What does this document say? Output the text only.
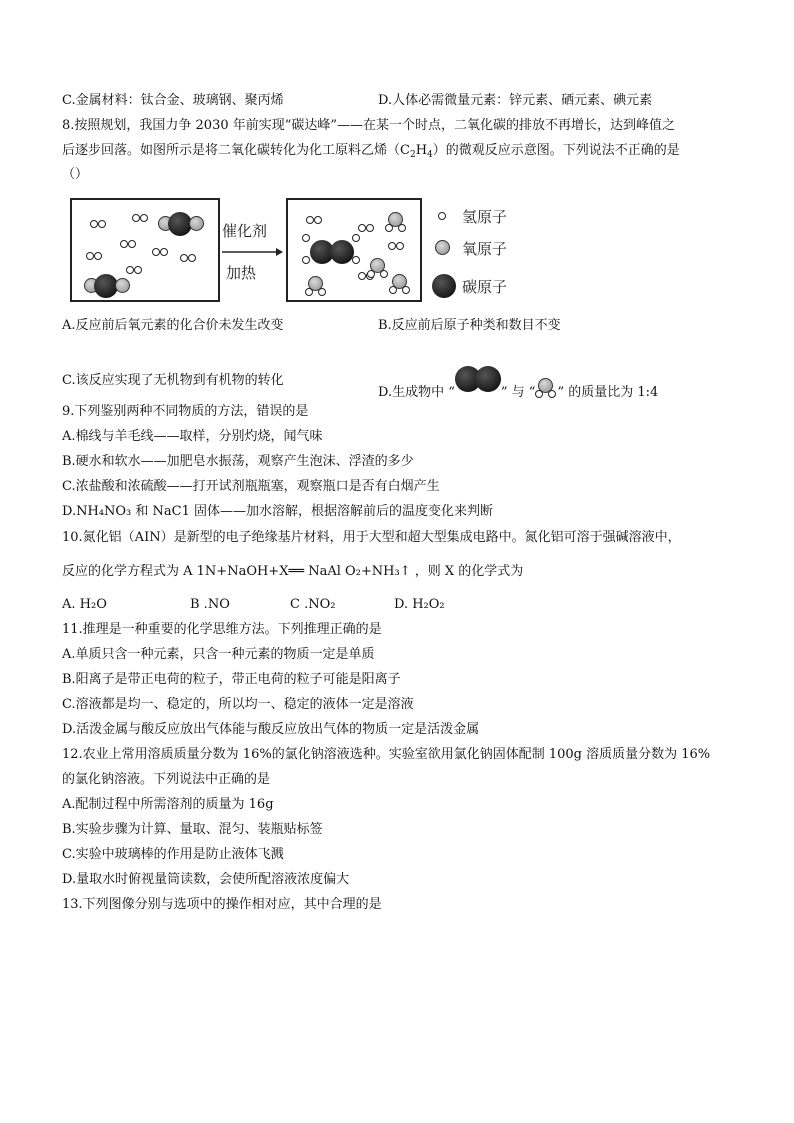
C.金属材料：钛合金、玻璃钢、聚丙烯	D.人体必需微量元素：锌元素、硒元素、碘元素
8.按照规划，我国力争 2030 年前实现“碳达峰”——在某一个时点，二氧化碳的排放不再增长，达到峰值之
后逐步回落。如图所示是将二氧化碳转化为化工原料乙烯$(C_2H_4)$的微观反应示意图。下列说法不正确的是
（）
催化剂
加热
氢原子
氧原子
碳原子
A.反应前后氧元素的化合价未发生改变	B.反应前后原子种类和数目不变
C.该反应实现了无机物到有机物的转化
D.生成物中 “	” 与 “ ” 的质量比为 1:4
9.下列鉴别两种不同物质的方法，错误的是
A.棉线与羊毛线——取样，分别灼烧，闻气味
B.硬水和软水——加肥皂水振荡，观察产生泡沫、浮渣的多少
C.浓盐酸和浓硫酸——打开试剂瓶瓶塞，观察瓶口是否有白烟产生
D.NH₄NO₃ 和 NaC1 固体——加水溶解，根据溶解前后的温度变化来判断
10.氮化铝（AIN）是新型的电子绝缘基片材料，用于大型和超大型集成电路中。氮化铝可溶于强碱溶液中，
反应的化学方程式为 A 1N+NaOH+X══ NaAl O₂+NH₃↑ ，则 X 的化学式为
A. H₂O	B .NO	C .NO₂	D. H₂O₂
11.推理是一种重要的化学思维方法。下列推理正确的是
A.单质只含一种元素，只含一种元素的物质一定是单质
B.阳离子是带正电荷的粒子，带正电荷的粒子可能是阳离子
C.溶液都是均一、稳定的，所以均一、稳定的液体一定是溶液
D.活泼金属与酸反应放出气体能与酸反应放出气体的物质一定是活泼金属
12.农业上常用溶质质量分数为 16%的氯化钠溶液选种。实验室欲用氯化钠固体配制 100g 溶质质量分数为 16%
的氯化钠溶液。下列说法中正确的是
A.配制过程中所需溶剂的质量为 16g
B.实验步骤为计算、量取、混匀、装瓶贴标签
C.实验中玻璃棒的作用是防止液体飞溅
D.量取水时俯视量筒读数，会使所配溶液浓度偏大
13.下列图像分别与选项中的操作相对应，其中合理的是
